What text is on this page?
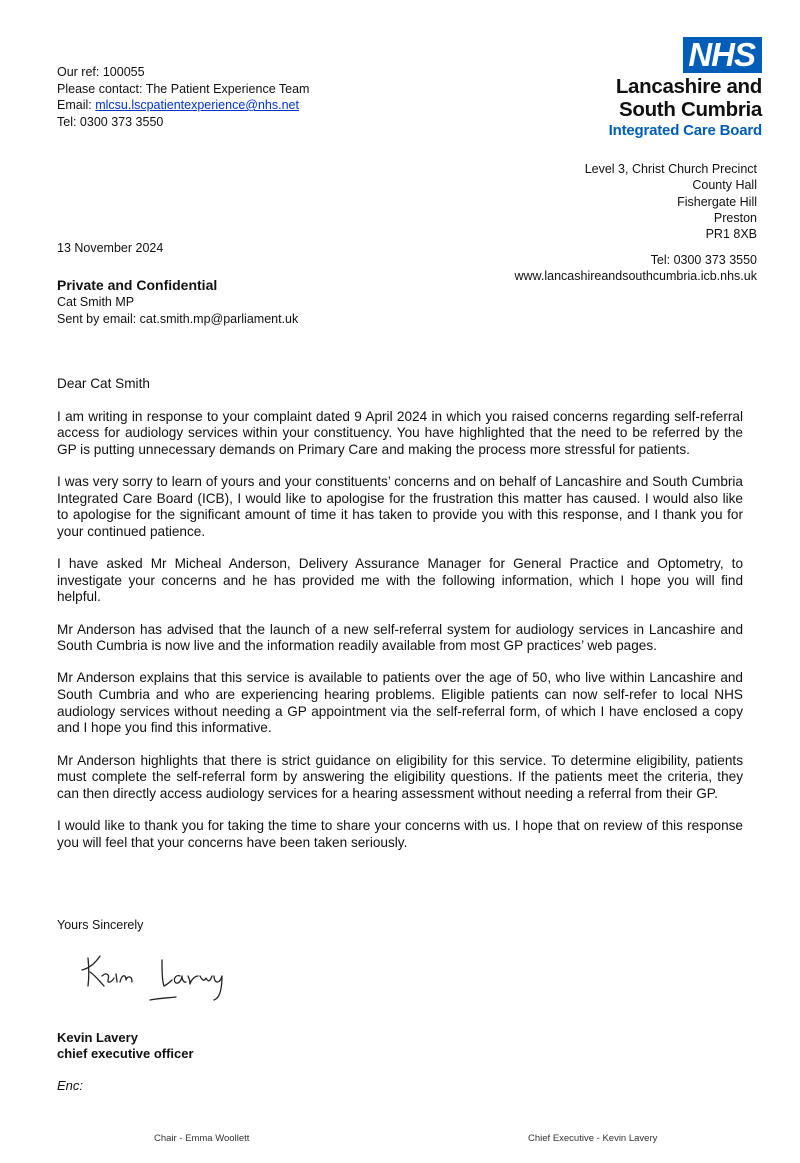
Our ref: 100055
Please contact: The Patient Experience Team
Email: mlcsu.lscpatientexperience@nhs.net
Tel: 0300 373 3550
NHS
Lancashire and
South Cumbria
Integrated Care Board
Level 3, Christ Church Precinct
County Hall
Fishergate Hill
Preston
PR1 8XB
Tel: 0300 373 3550
www.lancashireandsouthcumbria.icb.nhs.uk
13 November 2024
Private and Confidential
Cat Smith MP
Sent by email: cat.smith.mp@parliament.uk

Dear Cat Smith

I am writing in response to your complaint dated 9 April 2024 in which you raised concerns regarding self-referral access for audiology services within your constituency. You have highlighted that the need to be referred by the GP is putting unnecessary demands on Primary Care and making the process more stressful for patients.

I was very sorry to learn of yours and your constituents’ concerns and on behalf of Lancashire and South Cumbria Integrated Care Board (ICB), I would like to apologise for the frustration this matter has caused. I would also like to apologise for the significant amount of time it has taken to provide you with this response, and I thank you for your continued patience.

I have asked Mr Micheal Anderson, Delivery Assurance Manager for General Practice and Optometry, to investigate your concerns and he has provided me with the following information, which I hope you will find helpful.

Mr Anderson has advised that the launch of a new self-referral system for audiology services in Lancashire and South Cumbria is now live and the information readily available from most GP practices’ web pages.

Mr Anderson explains that this service is available to patients over the age of 50, who live within Lancashire and South Cumbria and who are experiencing hearing problems. Eligible patients can now self-refer to local NHS audiology services without needing a GP appointment via the self-referral form, of which I have enclosed a copy and I hope you find this informative.

Mr Anderson highlights that there is strict guidance on eligibility for this service. To determine eligibility, patients must complete the self-referral form by answering the eligibility questions. If the patients meet the criteria, they can then directly access audiology services for a hearing assessment without needing a referral from their GP.

I would like to thank you for taking the time to share your concerns with us. I hope that on review of this response you will feel that your concerns have been taken seriously.

Yours Sincerely
Kevin Lavery
chief executive officer
Enc:
Chair - Emma Woollett	Chief Executive - Kevin Lavery
